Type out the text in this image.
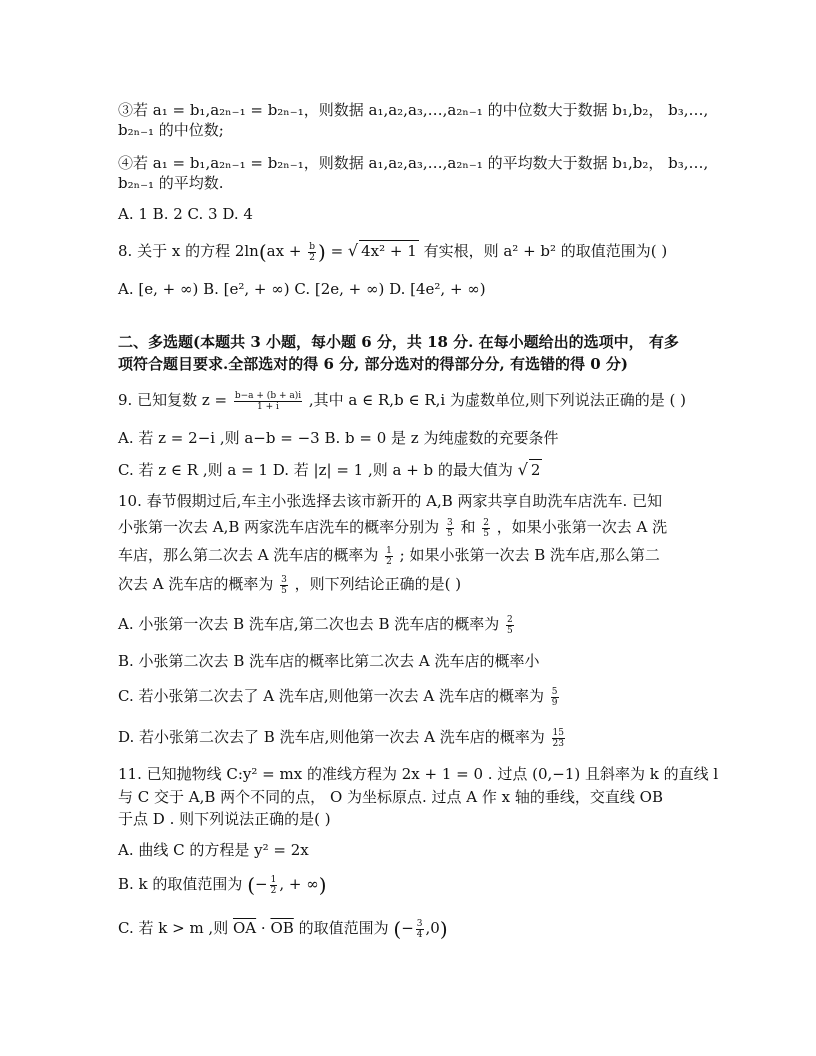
③若 a₁ = b₁,a₂ₙ₋₁ = b₂ₙ₋₁，则数据 a₁,a₂,a₃,…,a₂ₙ₋₁ 的中位数大于数据 b₁,b₂， b₃,…,
b₂ₙ₋₁ 的中位数;
④若 a₁ = b₁,a₂ₙ₋₁ = b₂ₙ₋₁，则数据 a₁,a₂,a₃,…,a₂ₙ₋₁ 的平均数大于数据 b₁,b₂， b₃,…,
b₂ₙ₋₁ 的平均数.
A. 1 B. 2 C. 3 D. 4
8. 关于 x 的方程 $2\ln(ax + \frac{b}{2}$ ) = √ 4x² + 1 有实根，则 a² + b² 的取值范围为( )
A. [e, + ∞) B. [e², + ∞) C. [2e, + ∞) D. [4e², + ∞)
二、多选题(本题共 3 小题，每小题 6 分，共 18 分. 在每小题给出的选项中， 有多
项符合题目要求.全部选对的得 6 分, 部分选对的得部分分, 有选错的得 0 分)
9. 已知复数 $z = \frac{b-a + (b + a)i}{1 + i}$ ,其中 a ∈ R,b ∈ R,i 为虚数单位,则下列说法正确的是 ( )
A. 若 z = 2−i ,则 a−b = −3 B. b = 0 是 z 为纯虚数的充要条件
C. 若 z ∈ R ,则 a = 1 D. 若 |z| = 1 ,则 a + b 的最大值为 √ 2
10. 春节假期过后,车主小张选择去该市新开的 A,B 两家共享自助洗车店洗车. 已知
小张第一次去 A,B 两家洗车店洗车的概率分别为 $\frac{3}{5}$ 和 $\frac{2}{5}$ ，如果小张第一次去 A 洗
车店，那么第二次去 A 洗车店的概率为 $\frac{1}{2}$ ; 如果小张第一次去 B 洗车店,那么第二
次去 A 洗车店的概率为 $\frac{3}{5}$ ，则下列结论正确的是( )
A. 小张第一次去 B 洗车店,第二次也去 B 洗车店的概率为 $\frac{2}{5}$
B. 小张第二次去 B 洗车店的概率比第二次去 A 洗车店的概率小
C. 若小张第二次去了 A 洗车店,则他第一次去 A 洗车店的概率为 $\frac{5}{9}$
D. 若小张第二次去了 B 洗车店,则他第一次去 A 洗车店的概率为 $\frac{15}{23}$
11. 已知抛物线 C:y² = mx 的准线方程为 2x + 1 = 0 . 过点 (0,−1) 且斜率为 k 的直线 l
与 C 交于 A,B 两个不同的点， O 为坐标原点. 过点 A 作 x 轴的垂线，交直线 OB
于点 D . 则下列说法正确的是( )
A. 曲线 C 的方程是 y² = 2x
B. k 的取值范围为 (− $\frac{1}{2}$ , + ∞)
C. 若 k > m ,则 $\overline{OA} \cdot \overline{OB}$ 的取值范围为 (− $\frac{3}{4} ,0$)
